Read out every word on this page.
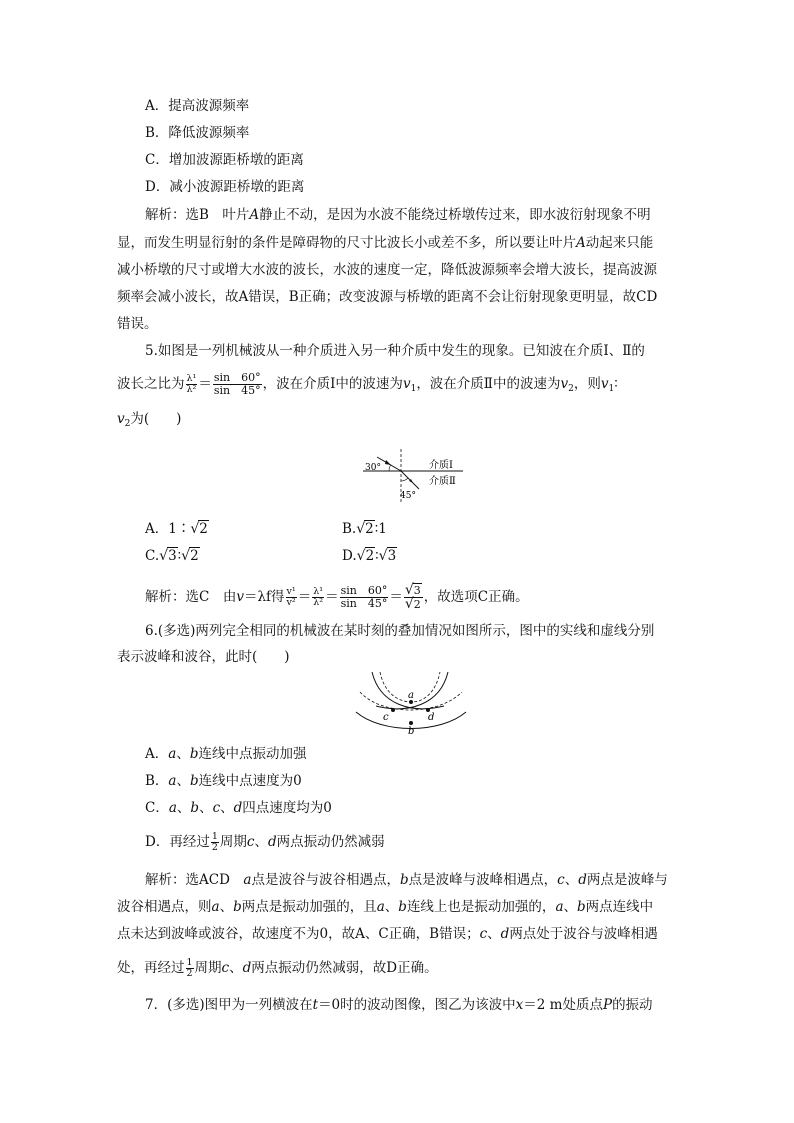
A．提高波源频率
B．降低波源频率
C．增加波源距桥墩的距离
D．减小波源距桥墩的距离
解析：选B　叶片A静止不动，是因为水波不能绕过桥墩传过来，即水波衍射现象不明
显，而发生明显衍射的条件是障碍物的尺寸比波长小或差不多，所以要让叶片A动起来只能
减小桥墩的尺寸或增大水波的波长，水波的速度一定，降低波源频率会增大波长，提高波源
频率会减小波长，故A错误，B正确；改变波源与桥墩的距离不会让衍射现象更明显，故CD
错误。
5.如图是一列机械波从一种介质进入另一种介质中发生的现象。已知波在介质Ⅰ、Ⅱ的
波长之比为 $\frac{\text{λ¹}}{\text{λ²}} = \frac{\sin 60^\circ}{\sin 45^\circ}$ ，波在介质Ⅰ中的波速为$v_1$，波在介质Ⅱ中的波速为$v_2$，则$v_1∶$
$v_2$为(　　)
30°
45°
介质Ⅰ
介质Ⅱ
A．1∶√2	B.√2∶1
C.√3∶√2	D.√2∶√3
解析：选C　由v＝λf得 $\frac{\text{v¹}}{\text{v²}} = \frac{\text{λ¹}}{\text{λ²}} = \frac{\sin 60^\circ}{\sin 45^\circ} = \frac{√3}{√2}$ ，故选项C正确。
6.(多选)两列完全相同的机械波在某时刻的叠加情况如图所示，图中的实线和虚线分别
表示波峰和波谷，此时(　　)
a
b
c	d
A．a、b连线中点振动加强
B．a、b连线中点速度为0
C．a、b、c、d四点速度均为0
D．再经过 $\frac{1}{2}$ 周期c、d两点振动仍然减弱
解析：选ACD　a点是波谷与波谷相遇点，b点是波峰与波峰相遇点，c、d两点是波峰与
波谷相遇点，则a、b两点是振动加强的，且a、b连线上也是振动加强的，a、b两点连线中
点未达到波峰或波谷，故速度不为0，故A、C正确，B错误；c、d两点处于波谷与波峰相遇
处，再经过 $\frac{1}{2}$ 周期c、d两点振动仍然减弱，故D正确。
7．(多选)图甲为一列横波在t＝0时的波动图像，图乙为该波中x＝2 m处质点P的振动
